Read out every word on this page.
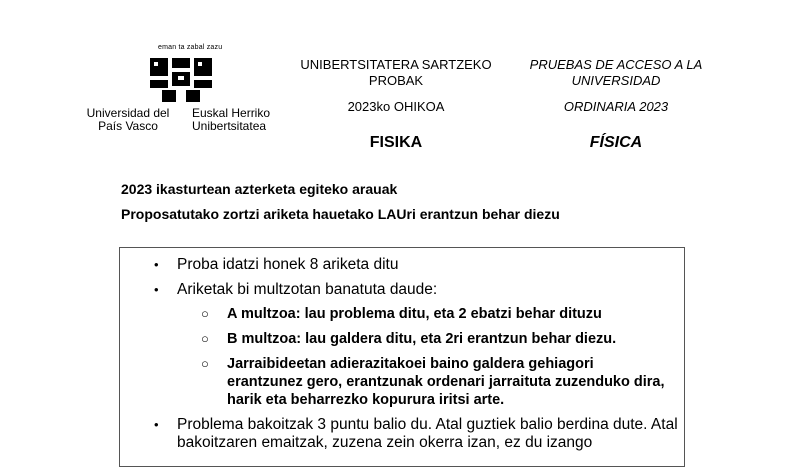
eman ta zabal zazu
Universidad del País Vasco
Euskal Herriko Unibertsitatea
UNIBERTSITATERA SARTZEKO PROBAK
2023ko OHIKOA
FISIKA
PRUEBAS DE ACCESO A LA UNIVERSIDAD
ORDINARIA 2023
FÍSICA
2023 ikasturtean azterketa egiteko arauak
Proposatutako zortzi ariketa hauetako LAUri erantzun behar diezu
• Proba idatzi honek 8 ariketa ditu
• Ariketak bi multzotan banatuta daude:
○ A multzoa: lau problema ditu, eta 2 ebatzi behar dituzu
○ B multzoa: lau galdera ditu, eta 2ri erantzun behar diezu.
○ Jarraibideetan adierazitakoei baino galdera gehiagori erantzunez gero, erantzunak ordenari jarraituta zuzenduko dira, harik eta beharrezko kopurura iritsi arte.
• Problema bakoitzak 3 puntu balio du. Atal guztiek balio berdina dute. Atal bakoitzaren emaitzak, zuzena zein okerra izan, ez du izango
